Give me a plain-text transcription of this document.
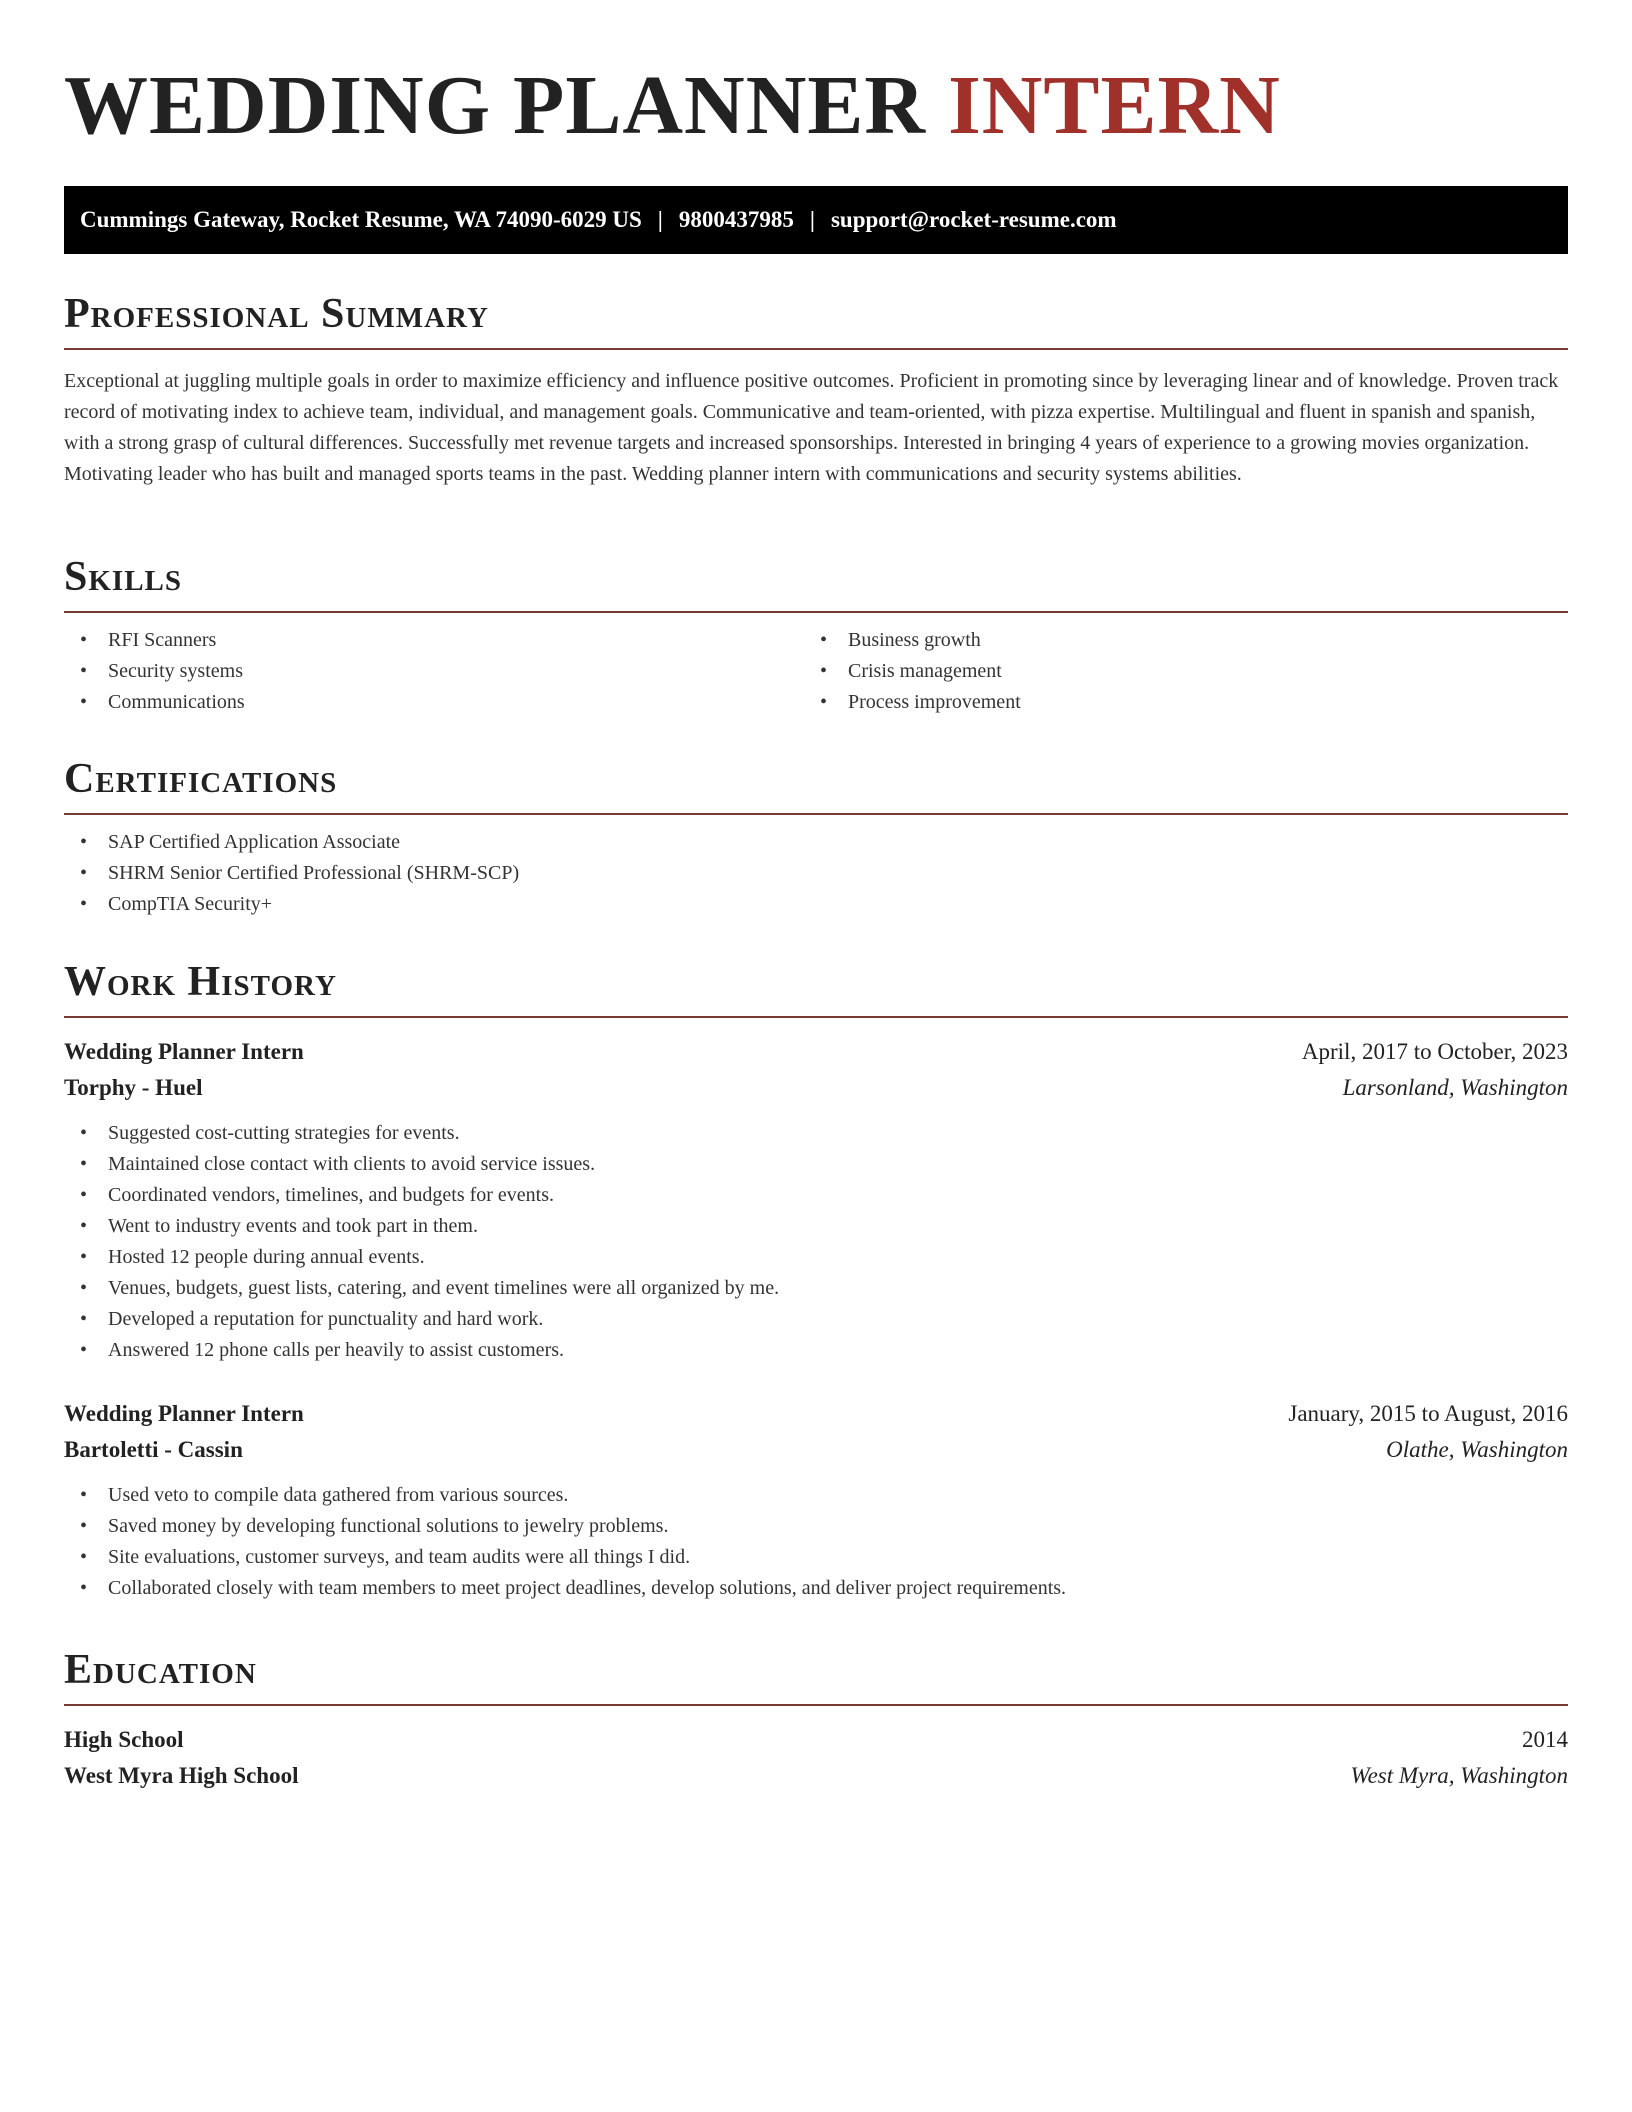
WEDDING PLANNER INTERN
Cummings Gateway, Rocket Resume, WA 74090-6029 US | 9800437985 | support@rocket-resume.com
Professional Summary

Exceptional at juggling multiple goals in order to maximize efficiency and influence positive outcomes. Proficient in promoting since by leveraging linear and of knowledge. Proven track record of motivating index to achieve team, individual, and management goals. Communicative and team-oriented, with pizza expertise. Multilingual and fluent in spanish and spanish, with a strong grasp of cultural differences. Successfully met revenue targets and increased sponsorships. Interested in bringing 4 years of experience to a growing movies organization. Motivating leader who has built and managed sports teams in the past. Wedding planner intern with communications and security systems abilities.

Skills
• RFI Scanners
• Security systems
• Communications
• Business growth
• Crisis management
• Process improvement
Certifications
• SAP Certified Application Associate
• SHRM Senior Certified Professional (SHRM-SCP)
• CompTIA Security+
Work History
Wedding Planner Intern	April, 2017 to October, 2023
Torphy - Huel	Larsonland, Washington
• Suggested cost-cutting strategies for events.
• Maintained close contact with clients to avoid service issues.
• Coordinated vendors, timelines, and budgets for events.
• Went to industry events and took part in them.
• Hosted 12 people during annual events.
• Venues, budgets, guest lists, catering, and event timelines were all organized by me.
• Developed a reputation for punctuality and hard work.
• Answered 12 phone calls per heavily to assist customers.
Wedding Planner Intern	January, 2015 to August, 2016
Bartoletti - Cassin	Olathe, Washington
• Used veto to compile data gathered from various sources.
• Saved money by developing functional solutions to jewelry problems.
• Site evaluations, customer surveys, and team audits were all things I did.
• Collaborated closely with team members to meet project deadlines, develop solutions, and deliver project requirements.
Education
High School	2014
West Myra High School	West Myra, Washington
